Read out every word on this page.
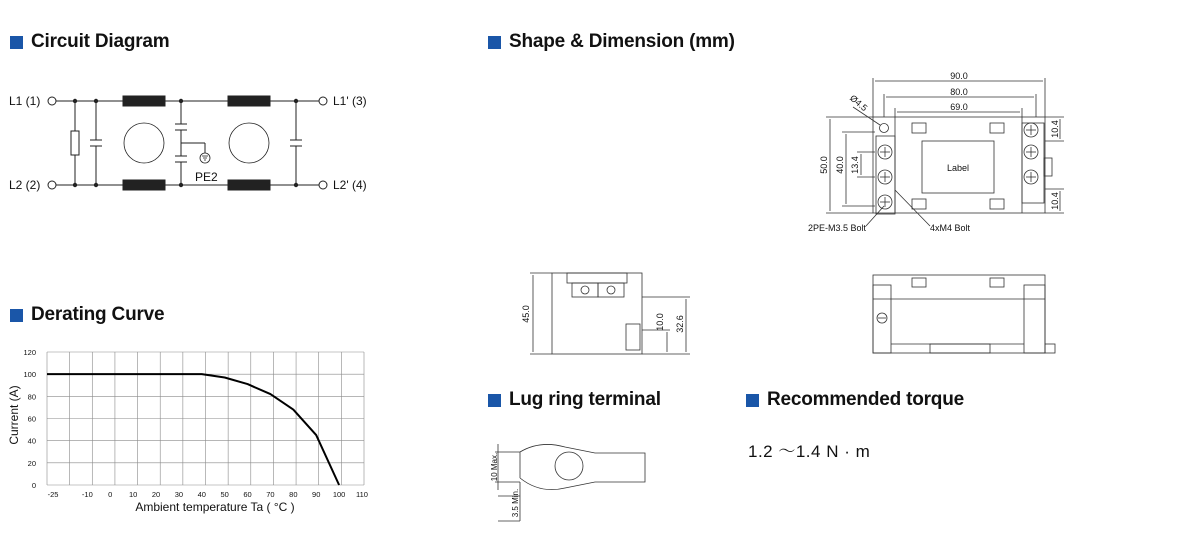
Circuit Diagram	Shape & Dimension (mm)
Derating Curve
Lug ring terminal	Recommended torque
L1 (1)
L2 (2)
L1' (3)
L2' (4)
PE2
Label
90.0
80.0
69.0
Ø4.5
50.0 40.0 13.4
10.4
10.4
2PE-M3.5 Bolt	4xM4 Bolt
45.0	10.0 32.6
-25	-10 0 10 20 30 40 50 60 70 80 90 100 110
0
20
40
60
80
100
120
Ambient temperature Ta ( °C )
Current (A)
10 Max.
3.5 Min.
1.2 ～1.4 N · m
